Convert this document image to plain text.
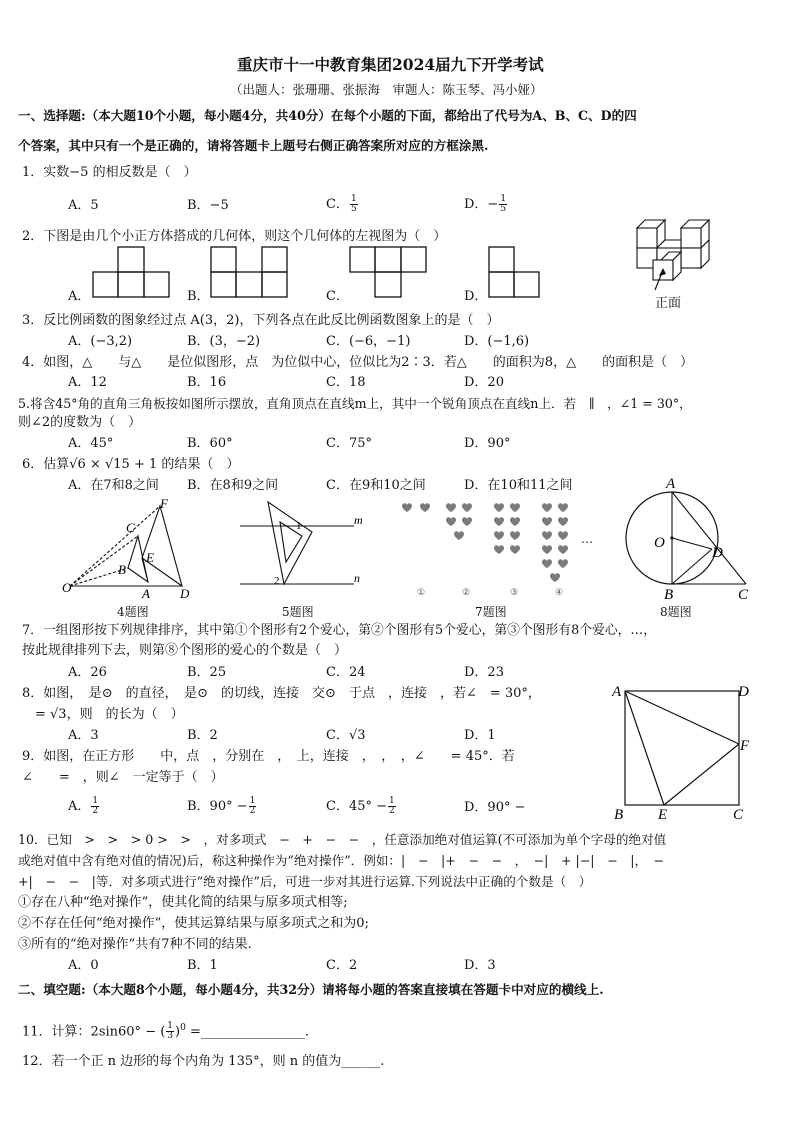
重庆市十一中教育集团2024届九下开学考试
（出题人：张珊珊、张振海　审题人：陈玉琴、冯小娅）
一、选择题:（本大题10个小题，每小题4分，共40分）在每个小题的下面，都给出了代号为A、B、C、D的四
个答案，其中只有一个是正确的，请将答题卡上题号右侧正确答案所对应的方框涂黑.
1．实数−5 的相反数是（　）
A．5	B．−5	C． $\frac{1}{5}$	D．− $\frac{1}{5}$
2．下图是由几个小正方体搭成的几何体，则这个几何体的左视图为（　）
A．	B．	C．	D．	正面
3．反比例函数的图象经过点 A(3，2)，下列各点在此反比例函数图象上的是（　）
A．(−3,2)	B．(3，−2)	C．(−6，−1)	D．(−1,6)
4．如图，△　　与△　　是位似图形，点　为位似中心，位似比为2∶3．若△　　的面积为8，△　　的面积是（　）
A．12	B．16	C．18	D．20
5.将含45°角的直角三角板按如图所示摆放，直角顶点在直线m上，其中一个锐角顶点在直线n上．若　∥　，∠1 = 30°，
则∠2的度数为（　）
A．45°	B．60°	C．75°	D．90°
6．估算√6 × √15 + 1 的结果（　）
A．在7和8之间 B．在8和9之间	C．在9和10之间	D．在10和11之间
O	A
B
C
D
E
F
4题图
m
n
1
2
5题图
…
①	②	③	④
7题图
A
O
D
B	C
8题图
7．一组图形按下列规律排序，其中第①个图形有2个爱心，第②个图形有5个爱心，第③个图形有8个爱心，…，
按此规律排列下去，则第⑧个图形的爱心的个数是（　）
A．26	B．25	C．24	D．23
A	D
F
B E	C
8．如图，　是⊙　的直径，　是⊙　的切线，连接　交⊙　于点　，连接　，若∠　= 30°，
　= √3，则　的长为（　）
A．3	B．2	C．√3	D．1
9．如图，在正方形　　中，点　，分别在　，　上，连接　，　，　，∠　　= 45°．若
∠　　=　，则∠　一定等于（　）
A． $\frac{1}{2}$	B．$90^\circ - \frac{1}{2}$	C．$45^\circ - \frac{1}{2}$	D．90° −
10．已知　>　>　> 0 >　>　，对多项式　−　+　−　−　，任意添加绝对值运算(不可添加为单个字母的绝对值
或绝对值中含有绝对值的情况)后，称这种操作为“绝对操作”．例如：|　−　|+　−　−　，　−|　+ |−|　−　|，　−
+|　−　−　|等．对多项式进行“绝对操作”后，可进一步对其进行运算.下列说法中正确的个数是（　）
①存在八种“绝对操作”，使其化简的结果与原多项式相等;
②不存在任何“绝对操作”，使其运算结果与原多项式之和为0;
③所有的“绝对操作”共有7种不同的结果.
A．0	B．1	C．2	D．3
二、填空题:（本大题8个小题，每小题4分，共32分）请将每小题的答案直接填在答题卡中对应的横线上.
11．计算：2sin60° − ( $\frac{1}{3} )^0$ =________________.
12．若一个正 n 边形的每个内角为 135°，则 n 的值为______.
